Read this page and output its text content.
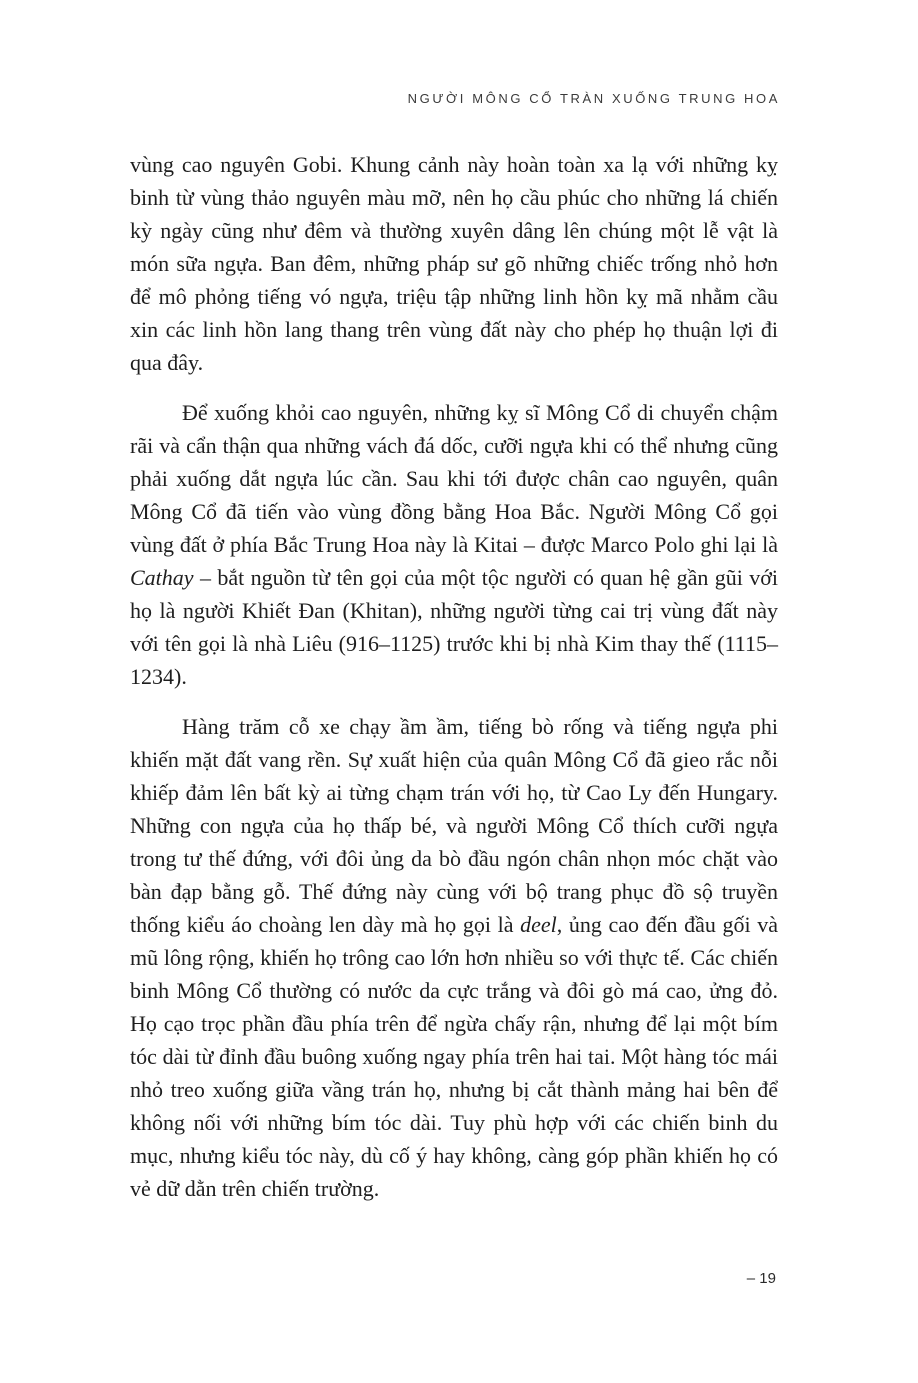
NGƯỜI MÔNG CỔ TRÀN XUỐNG TRUNG HOA

vùng cao nguyên Gobi. Khung cảnh này hoàn toàn xa lạ với những kỵ binh từ vùng thảo nguyên màu mỡ, nên họ cầu phúc cho những lá chiến kỳ ngày cũng như đêm và thường xuyên dâng lên chúng một lễ vật là món sữa ngựa. Ban đêm, những pháp sư gõ những chiếc trống nhỏ hơn để mô phỏng tiếng vó ngựa, triệu tập những linh hồn kỵ mã nhằm cầu xin các linh hồn lang thang trên vùng đất này cho phép họ thuận lợi đi qua đây.

Để xuống khỏi cao nguyên, những kỵ sĩ Mông Cổ di chuyển chậm rãi và cẩn thận qua những vách đá dốc, cưỡi ngựa khi có thể nhưng cũng phải xuống dắt ngựa lúc cần. Sau khi tới được chân cao nguyên, quân Mông Cổ đã tiến vào vùng đồng bằng Hoa Bắc. Người Mông Cổ gọi vùng đất ở phía Bắc Trung Hoa này là Kitai – được Marco Polo ghi lại là Cathay – bắt nguồn từ tên gọi của một tộc người có quan hệ gần gũi với họ là người Khiết Đan (Khitan), những người từng cai trị vùng đất này với tên gọi là nhà Liêu (916–1125) trước khi bị nhà Kim thay thế (1115–1234).

Hàng trăm cỗ xe chạy ầm ầm, tiếng bò rống và tiếng ngựa phi khiến mặt đất vang rền. Sự xuất hiện của quân Mông Cổ đã gieo rắc nỗi khiếp đảm lên bất kỳ ai từng chạm trán với họ, từ Cao Ly đến Hungary. Những con ngựa của họ thấp bé, và người Mông Cổ thích cưỡi ngựa trong tư thế đứng, với đôi ủng da bò đầu ngón chân nhọn móc chặt vào bàn đạp bằng gỗ. Thế đứng này cùng với bộ trang phục đồ sộ truyền thống kiểu áo choàng len dày mà họ gọi là deel, ủng cao đến đầu gối và mũ lông rộng, khiến họ trông cao lớn hơn nhiều so với thực tế. Các chiến binh Mông Cổ thường có nước da cực trắng và đôi gò má cao, ửng đỏ. Họ cạo trọc phần đầu phía trên để ngừa chấy rận, nhưng để lại một bím tóc dài từ đỉnh đầu buông xuống ngay phía trên hai tai. Một hàng tóc mái nhỏ treo xuống giữa vầng trán họ, nhưng bị cắt thành mảng hai bên để không nối với những bím tóc dài. Tuy phù hợp với các chiến binh du mục, nhưng kiểu tóc này, dù cố ý hay không, càng góp phần khiến họ có vẻ dữ dằn trên chiến trường.

– 19
